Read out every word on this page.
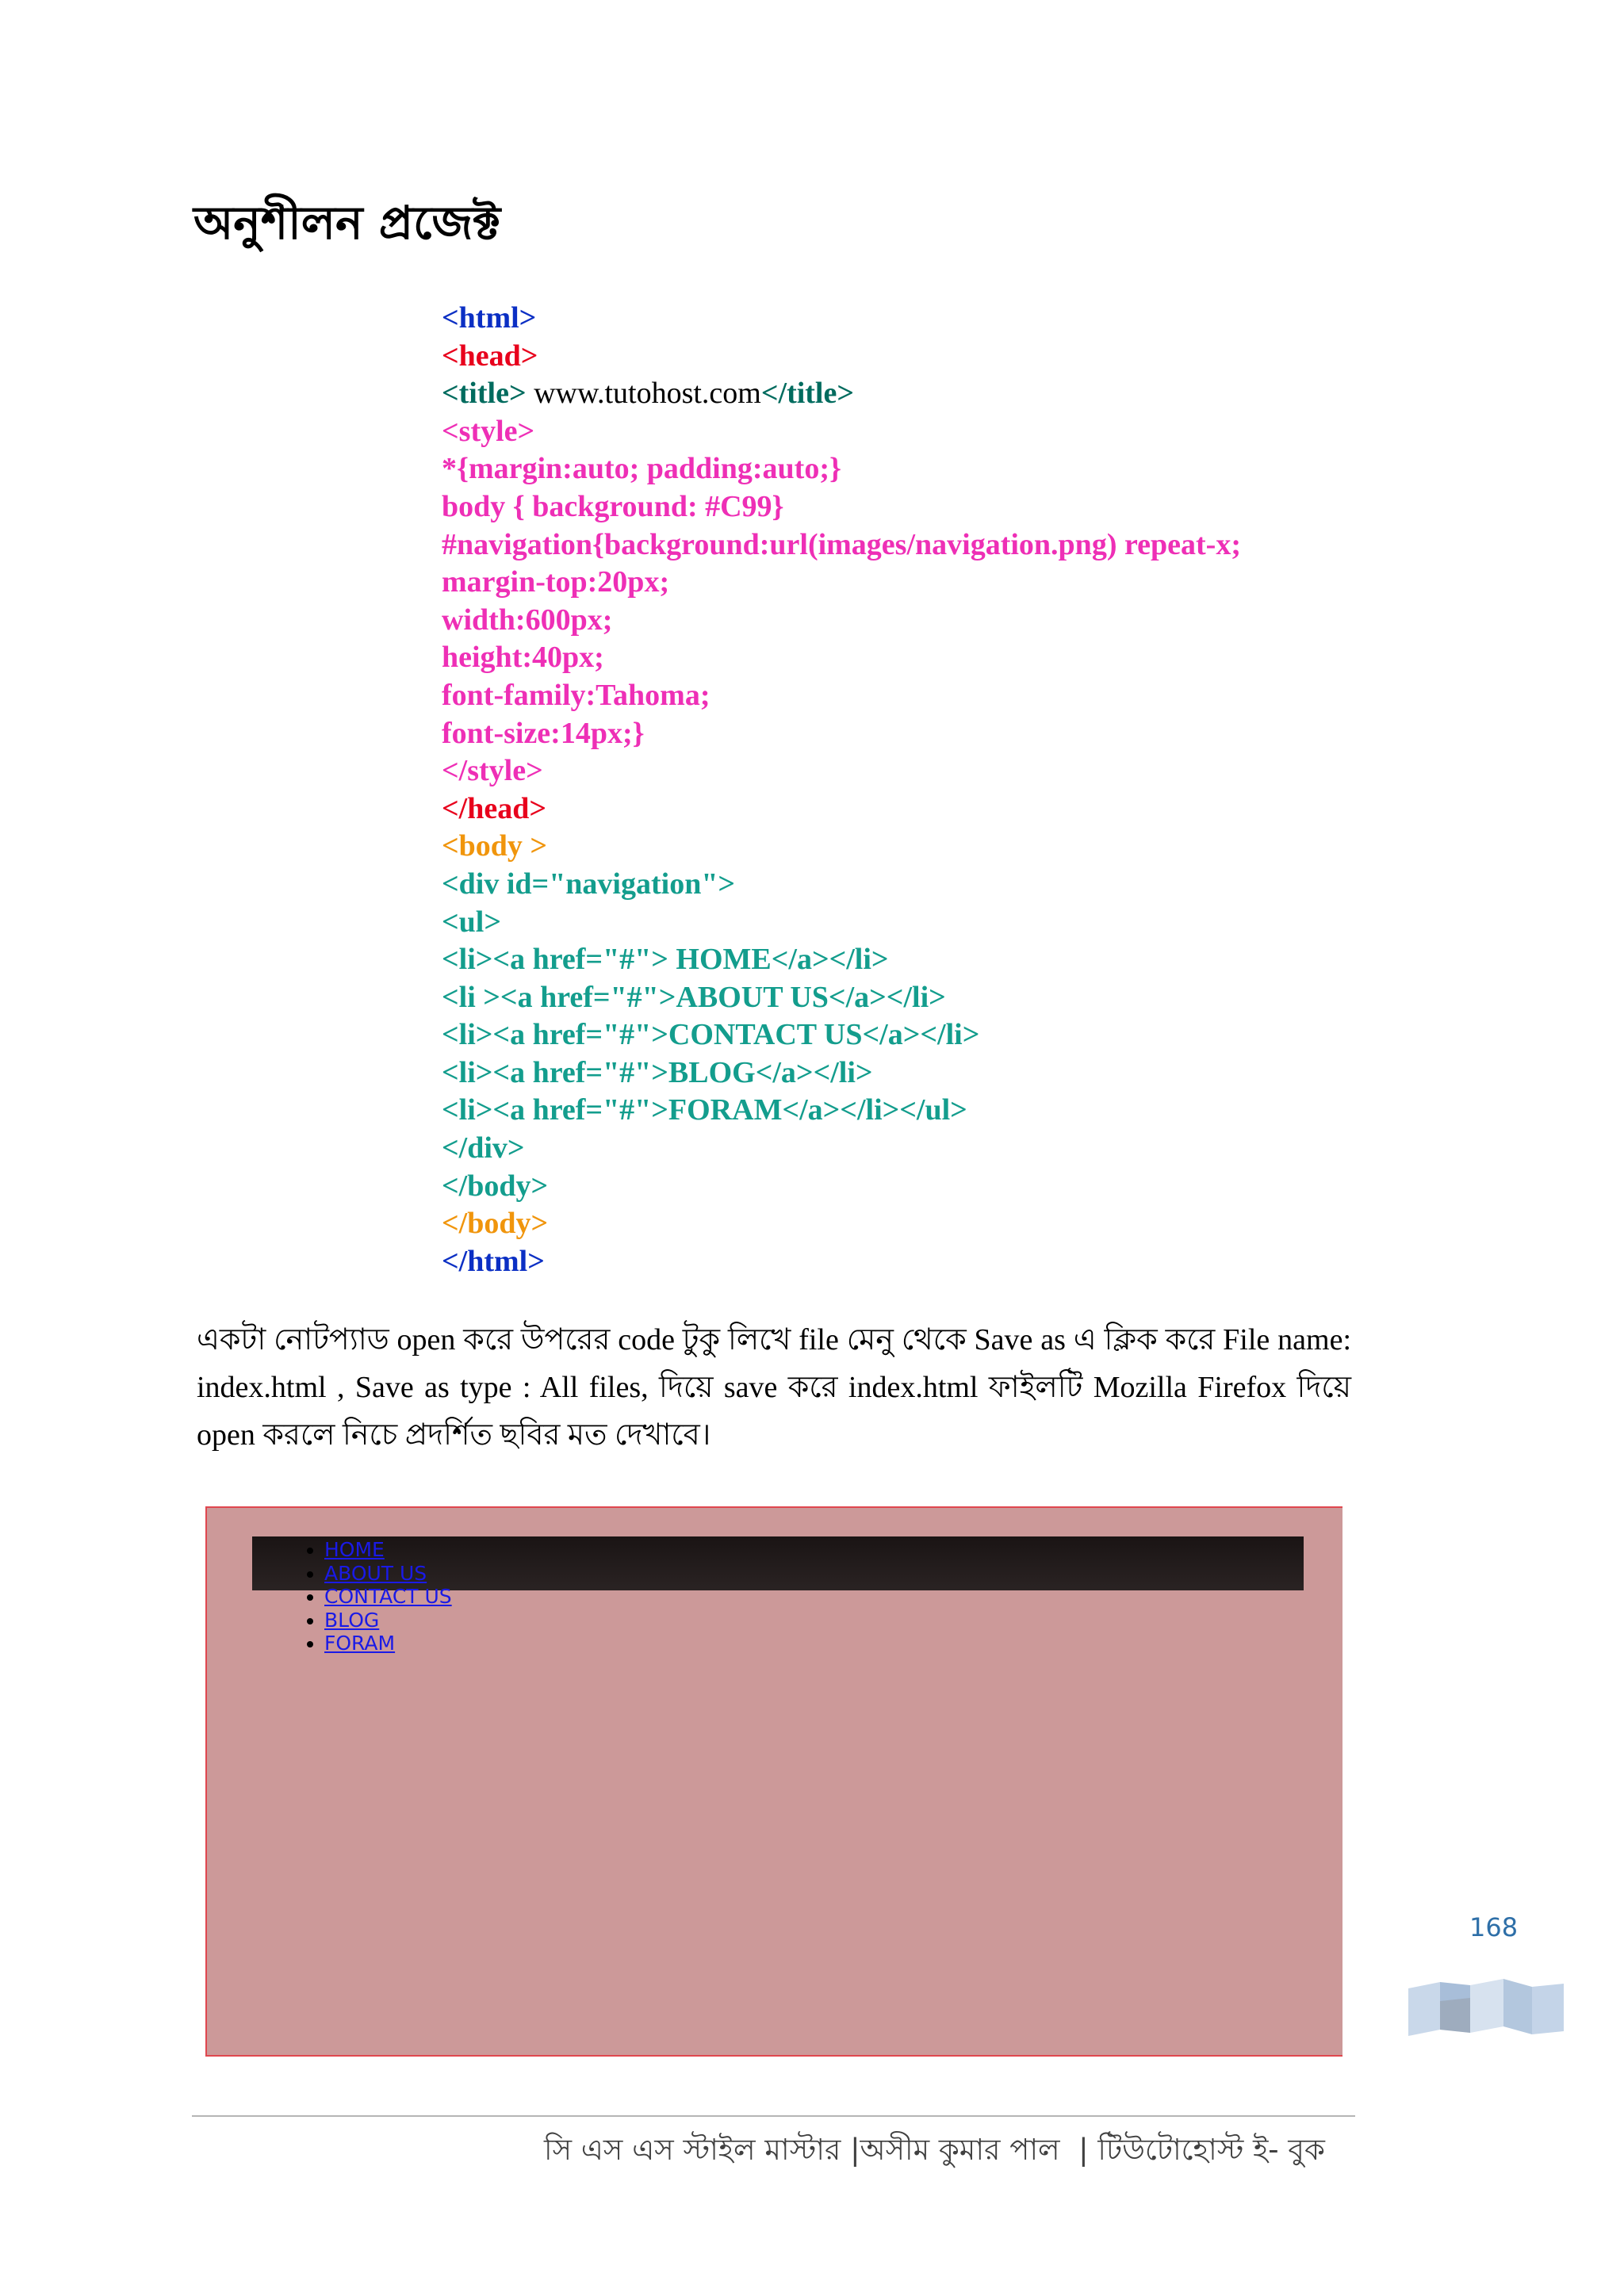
অনুশীলন প্রজেক্ট
<html>
<head>
<title> www.tutohost.com</title>
<style>
*{margin:auto; padding:auto;}
body { background: #C99}
#navigation{background:url(images/navigation.png) repeat-x;
margin-top:20px;
width:600px;
height:40px;
font-family:Tahoma;
font-size:14px;}
</style>
</head>
<body >
<div id="navigation">
<ul>
<li><a href="#"> HOME</a></li>
<li ><a href="#">ABOUT US</a></li>
<li><a href="#">CONTACT US</a></li>
<li><a href="#">BLOG</a></li>
<li><a href="#">FORAM</a></li></ul>
</div>
</body>
</body>
</html>

একটা নোটপ্যাড open করে উপরের code টুকু লিখে file মেনু থেকে Save as এ ক্লিক করে File name: index.html , Save as type : All files, দিয়ে save করে index.html ফাইলটি Mozilla Firefox দিয়ে open করলে নিচে প্রদর্শিত ছবির মত দেখাবে।

• HOME
• ABOUT US
• CONTACT US
• BLOG
• FORAM
168
সি এস এস স্টাইল মাস্টার |অসীম কুমার পাল  | টিউটোহোস্ট ই- বুক
